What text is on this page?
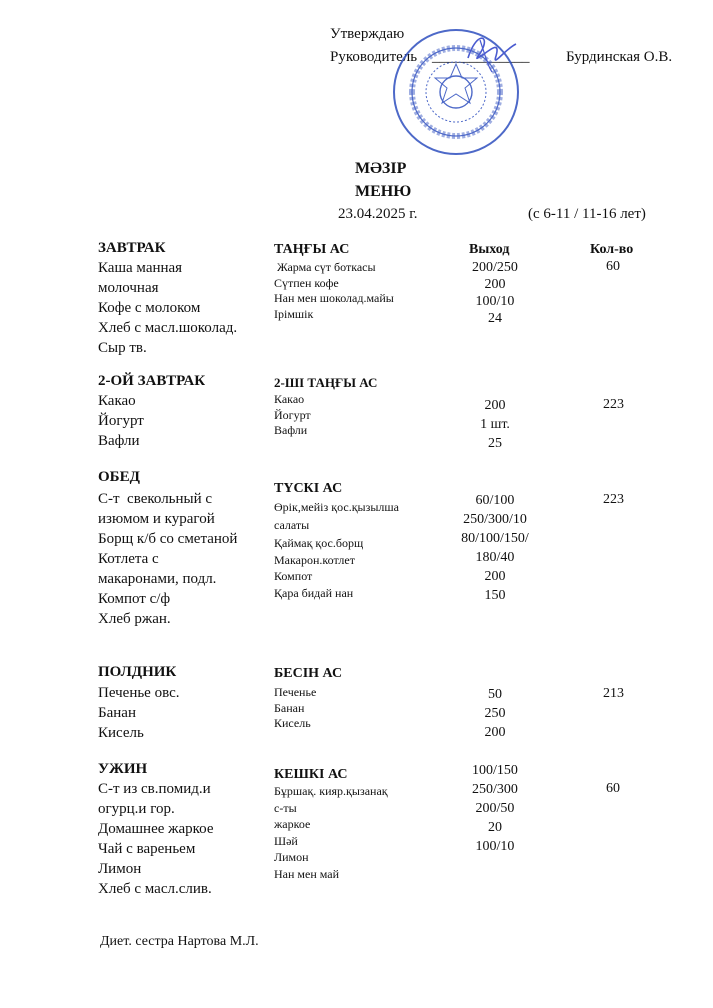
Утверждаю
Руководитель _____________ Бурдинская О.В.
МӘЗІР
МЕНЮ
23.04.2025 г.	(с 6-11 / 11-16 лет)
Выход	Кол-во
ЗАВТРАК
Каша манная
молочная
Кофе с молоком
Хлеб с масл.шоколад.
Сыр тв.
ТАҢҒЫ АС
Жарма сүт боткасы
Сүтпен кофе
Нан мен шоколад.майы
Ірімшік
200/250
200
100/10
24
60
2-ОЙ ЗАВТРАК
Какао
Йогурт
Вафли
2-ШІ ТАҢҒЫ АС
Какао
Йогурт
Вафли
200
1 шт.
25
223
ОБЕД
С-т  свекольный с
изюмом и курагой
Борщ к/б со сметаной
Котлета с
макаронами, подл.
Компот с/ф
Хлеб ржан.
ТҮСКІ АС
Өрік,мейіз қос.қызылша
салаты
Қаймақ қос.борщ
Макарон.котлет
Компот
Қара бидай нан
60/100
250/300/10
80/100/150/
180/40
200
150
223
ПОЛДНИК
Печенье овс.
Банан
Кисель
БЕСІН АС
Печенье
Банан
Кисель
50
250
200
213
УЖИН
С-т из св.помид.и
огурц.и гор.
Домашнее жаркое
Чай с вареньем
Лимон
Хлеб с масл.слив.
КЕШКІ АС
Бұршақ. кияр.қызанақ
с-ты
жаркое
Шәй
Лимон
Нан мен май
100/150
250/300
200/50
20
100/10
60
Диет. сестра Нартова М.Л.
